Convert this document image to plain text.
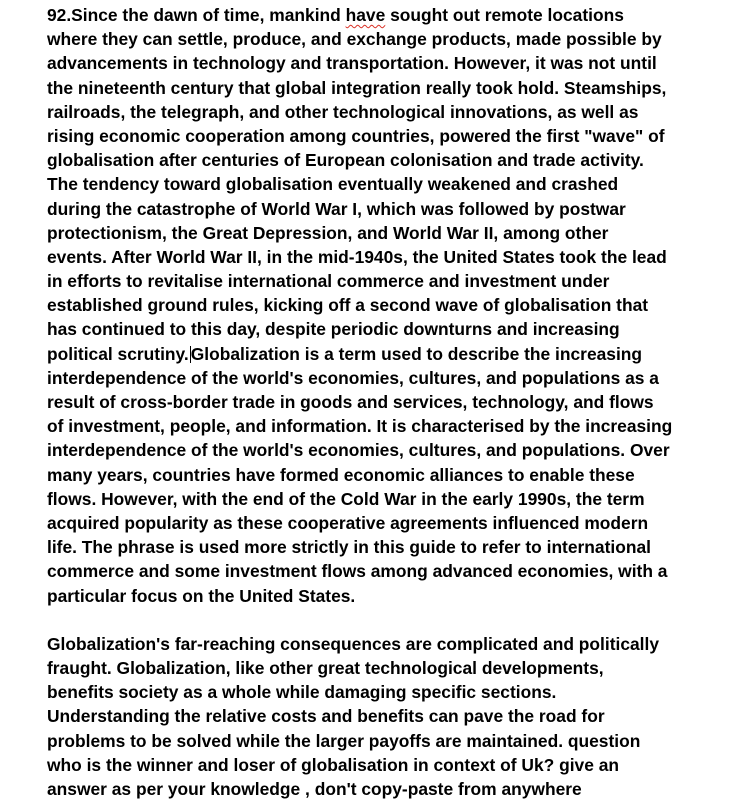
92.Since the dawn of time, mankind have sought out remote locations
where they can settle, produce, and exchange products, made possible by
advancements in technology and transportation. However, it was not until
the nineteenth century that global integration really took hold. Steamships,
railroads, the telegraph, and other technological innovations, as well as
rising economic cooperation among countries, powered the first "wave" of
globalisation after centuries of European colonisation and trade activity.
The tendency toward globalisation eventually weakened and crashed
during the catastrophe of World War I, which was followed by postwar
protectionism, the Great Depression, and World War II, among other
events. After World War II, in the mid-1940s, the United States took the lead
in efforts to revitalise international commerce and investment under
established ground rules, kicking off a second wave of globalisation that
has continued to this day, despite periodic downturns and increasing
political scrutiny. Globalization is a term used to describe the increasing
interdependence of the world's economies, cultures, and populations as a
result of cross-border trade in goods and services, technology, and flows
of investment, people, and information. It is characterised by the increasing
interdependence of the world's economies, cultures, and populations. Over
many years, countries have formed economic alliances to enable these
flows. However, with the end of the Cold War in the early 1990s, the term
acquired popularity as these cooperative agreements influenced modern
life. The phrase is used more strictly in this guide to refer to international
commerce and some investment flows among advanced economies, with a
particular focus on the United States.
Globalization's far-reaching consequences are complicated and politically
fraught. Globalization, like other great technological developments,
benefits society as a whole while damaging specific sections.
Understanding the relative costs and benefits can pave the road for
problems to be solved while the larger payoffs are maintained. question
who is the winner and loser of globalisation in context of Uk? give an
answer as per your knowledge , don't copy-paste from anywhere
